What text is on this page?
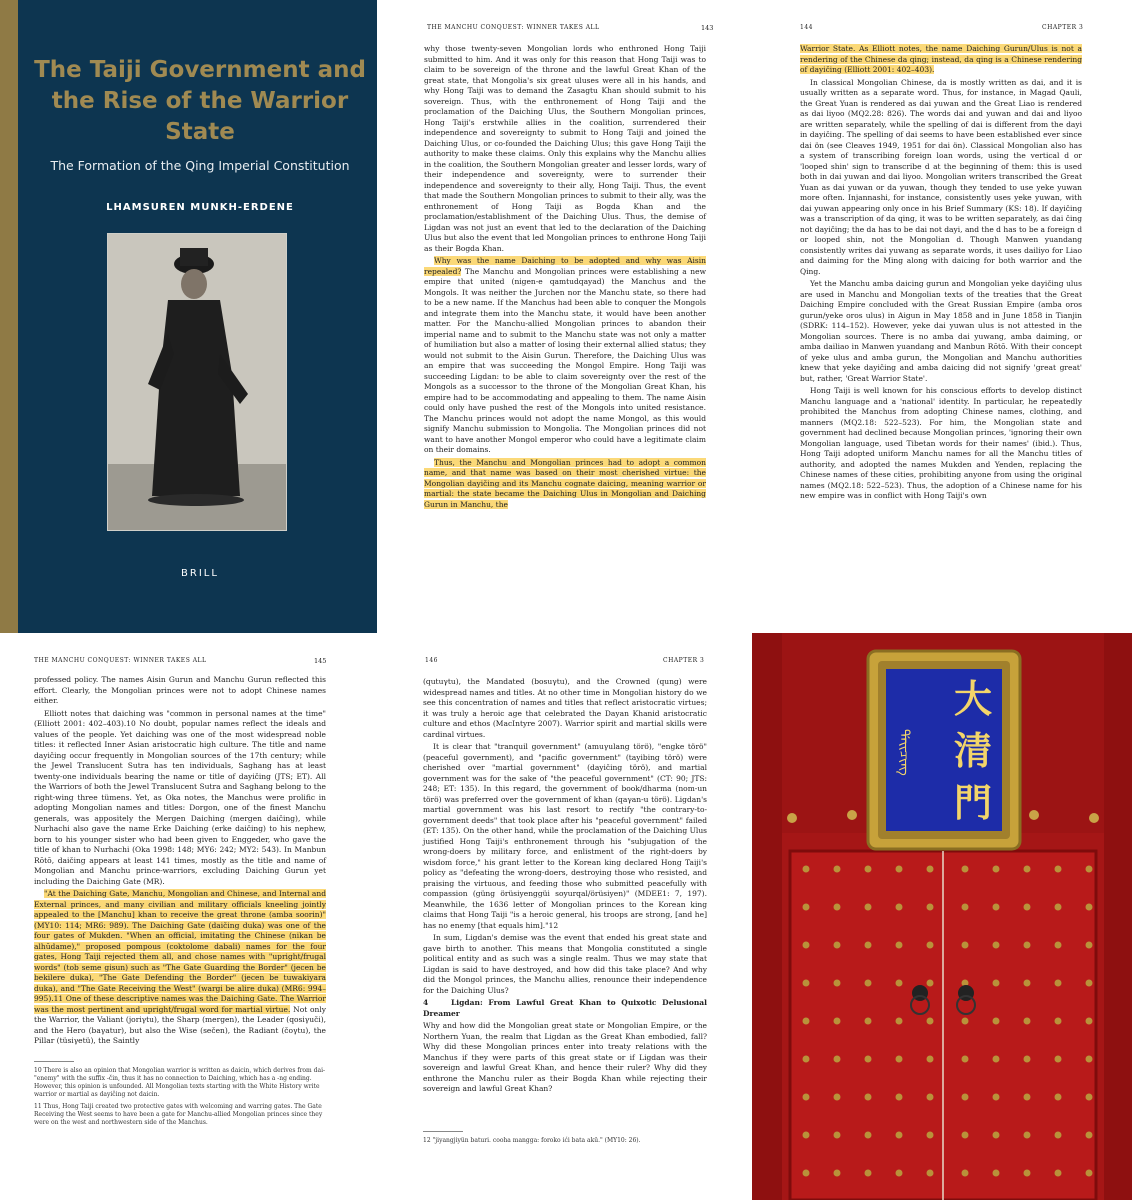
The Taiji Government and the Rise of the Warrior State
The Formation of the Qing Imperial Constitution
LHAMSUREN MUNKH-ERDENE
BRILL
THE MANCHU CONQUEST: WINNER TAKES ALL	143

why those twenty-seven Mongolian lords who enthroned Hong Taiji submitted to him. And it was only for this reason that Hong Taiji was to claim to be sovereign of the throne and the lawful Great Khan of the great state, that Mongolia's six great uluses were all in his hands, and why Hong Taiji was to demand the Zasagtu Khan should submit to his sovereign. Thus, with the enthronement of Hong Taiji and the proclamation of the Daiching Ulus, the Southern Mongolian princes, Hong Taiji's erstwhile allies in the coalition, surrendered their independence and sovereignty to submit to Hong Taiji and joined the Daiching Ulus, or co-founded the Daiching Ulus; this gave Hong Taiji the authority to make these claims. Only this explains why the Manchu allies in the coalition, the Southern Mongolian greater and lesser lords, wary of their independence and sovereignty, were to surrender their independence and sovereignty to their ally, Hong Taiji. Thus, the event that made the Southern Mongolian princes to submit to their ally, was the enthronement of Hong Taiji as Bogda Khan and the proclamation/establishment of the Daiching Ulus. Thus, the demise of Ligdan was not just an event that led to the declaration of the Daiching Ulus but also the event that led Mongolian princes to enthrone Hong Taiji as their Bogda Khan.

Why was the name Daiching to be adopted and why was Aisin repealed? The Manchu and Mongolian princes were establishing a new empire that united (nigen-e qamtudqayad) the Manchus and the Mongols. It was neither the Jurchen nor the Manchu state, so there had to be a new name. If the Manchus had been able to conquer the Mongols and integrate them into the Manchu state, it would have been another matter. For the Manchu-allied Mongolian princes to abandon their imperial name and to submit to the Manchu state was not only a matter of humiliation but also a matter of losing their external allied status; they would not submit to the Aisin Gurun. Therefore, the Daiching Ulus was an empire that was succeeding the Mongol Empire. Hong Taiji was succeeding Ligdan: to be able to claim sovereignty over the rest of the Mongols as a successor to the throne of the Mongolian Great Khan, his empire had to be accommodating and appealing to them. The name Aisin could only have pushed the rest of the Mongols into united resistance. The Manchu princes would not adopt the name Mongol, as this would signify Manchu submission to Mongolia. The Mongolian princes did not want to have another Mongol emperor who could have a legitimate claim on their domains.

Thus, the Manchu and Mongolian princes had to adopt a common name, and that name was based on their most cherished virtue: the Mongolian dayičing and its Manchu cognate daicing, meaning warrior or martial: the state became the Daiching Ulus in Mongolian and Daiching Gurun in Manchu, the

144	CHAPTER 3

Warrior State. As Elliott notes, the name Daiching Gurun/Ulus is not a rendering of the Chinese da qing; instead, da qing is a Chinese rendering of dayičing (Elliott 2001: 402–403).

In classical Mongolian Chinese, da is mostly written as dai, and it is usually written as a separate word. Thus, for instance, in Magad Qauli, the Great Yuan is rendered as dai yuwan and the Great Liao is rendered as dai liyoo (MQ2.28: 826). The words dai and yuwan and dai and liyoo are written separately, while the spelling of dai is different from the dayi in dayičing. The spelling of dai seems to have been established ever since dai ön (see Cleaves 1949, 1951 for dai ön). Classical Mongolian also has a system of transcribing foreign loan words, using the vertical d or 'looped shin' sign to transcribe d at the beginning of them: this is used both in dai yuwan and dai liyoo. Mongolian writers transcribed the Great Yuan as dai yuwan or da yuwan, though they tended to use yeke yuwan more often. Injannashi, for instance, consistently uses yeke yuwan, with dai yuwan appearing only once in his Brief Summary (KS: 18). If dayičing was a transcription of da qing, it was to be written separately, as dai čing not dayičing; the da has to be dai not dayi, and the d has to be a foreign d or looped shin, not the Mongolian d. Though Manwen yuandang consistently writes dai yuwang as separate words, it uses dailiyo for Liao and daiming for the Ming along with daicing for both warrior and the Qing.

Yet the Manchu amba daicing gurun and Mongolian yeke dayičing ulus are used in Manchu and Mongolian texts of the treaties that the Great Daiching Empire concluded with the Great Russian Empire (amba oros gurun/yeke oros ulus) in Aigun in May 1858 and in June 1858 in Tianjin (SDRK: 114–152). However, yeke dai yuwan ulus is not attested in the Mongolian sources. There is no amba dai yuwang, amba daiming, or amba dailiao in Manwen yuandang and Manbun Rōtō. With their concept of yeke ulus and amba gurun, the Mongolian and Manchu authorities knew that yeke dayičing and amba daicing did not signify 'great great' but, rather, 'Great Warrior State'.

Hong Taiji is well known for his conscious efforts to develop distinct Manchu language and a 'national' identity. In particular, he repeatedly prohibited the Manchus from adopting Chinese names, clothing, and manners (MQ2.18: 522–523). For him, the Mongolian state and government had declined because Mongolian princes, 'ignoring their own Mongolian language, used Tibetan words for their names' (ibid.). Thus, Hong Taiji adopted uniform Manchu names for all the Manchu titles of authority, and adopted the names Mukden and Yenden, replacing the Chinese names of these cities, prohibiting anyone from using the original names (MQ2.18: 522–523). Thus, the adoption of a Chinese name for his new empire was in conflict with Hong Taiji's own

THE MANCHU CONQUEST: WINNER TAKES ALL	145

professed policy. The names Aisin Gurun and Manchu Gurun reflected this effort. Clearly, the Mongolian princes were not to adopt Chinese names either.

Elliott notes that daiching was "common in personal names at the time" (Elliott 2001: 402–403).10 No doubt, popular names reflect the ideals and values of the people. Yet daiching was one of the most widespread noble titles: it reflected Inner Asian aristocratic high culture. The title and name dayičing occur frequently in Mongolian sources of the 17th century; while the Jewel Translucent Sutra has ten individuals, Saghang has at least twenty-one individuals bearing the name or title of dayičing (JTS; ET). All the Warriors of both the Jewel Translucent Sutra and Saghang belong to the right-wing three tümens. Yet, as Oka notes, the Manchus were prolific in adopting Mongolian names and titles: Dorgon, one of the finest Manchu generals, was appositely the Mergen Daiching (mergen daičing), while Nurhachi also gave the name Erke Daiching (erke daičing) to his nephew, born to his younger sister who had been given to Enggeder, who gave the title of khan to Nurhachi (Oka 1998: 148; MY6: 242; MY2: 543). In Manbun Rōtō, daičing appears at least 141 times, mostly as the title and name of Mongolian and Manchu prince-warriors, excluding Daiching Gurun yet including the Daiching Gate (MR).

"At the Daiching Gate, Manchu, Mongolian and Chinese, and Internal and External princes, and many civilian and military officials kneeling jointly appealed to the [Manchu] khan to receive the great throne (amba soorin)" (MY10: 114; MR6: 989). The Daiching Gate (daičing duka) was one of the four gates of Mukden. "When an official, imitating the Chinese (nikan be alhūdame)," proposed pompous (coktolome dabali) names for the four gates, Hong Taiji rejected them all, and chose names with "upright/frugal words" (tob seme gisun) such as "The Gate Guarding the Border" (jecen be bekilere duka), "The Gate Defending the Border" (jecen be tuwakiyara duka), and "The Gate Receiving the West" (wargi be alire duka) (MR6: 994–995).11 One of these descriptive names was the Daiching Gate. The Warrior was the most pertinent and upright/frugal word for martial virtue. Not only the Warrior, the Valiant (joriγtu), the Sharp (mergen), the Leader (qosiγuči), and the Hero (baγatur), but also the Wise (sečen), the Radiant (čoγtu), the Pillar (tüsiγetü), the Saintly

10 There is also an opinion that Mongolian warrior is written as daicin, which derives from dai- "enemy" with the suffix -čin, thus it has no connection to Daiching, which has a -ng ending. However, this opinion is unfounded. All Mongolian texts starting with the White History write warrior or martial as dayičing not daicin.
11 Thus, Hong Taiji created two protective gates with welcoming and warring gates. The Gate Receiving the West seems to have been a gate for Manchu-allied Mongolian princes since they were on the west and northwestern side of the Manchus.
146	CHAPTER 3

(qutuγtu), the Mandated (bosuγtu), and the Crowned (qung) were widespread names and titles. At no other time in Mongolian history do we see this concentration of names and titles that reflect aristocratic virtues; it was truly a heroic age that celebrated the Dayan Khanid aristocratic culture and ethos (MacIntyre 2007). Warrior spirit and martial skills were cardinal virtues.

It is clear that "tranquil government" (amuγulang törö), "engke törö" (peaceful government), and "pacific government" (tayibing törö) were cherished over "martial government" (dayičing törö), and martial government was for the sake of "the peaceful government" (CT: 90; JTS: 248; ET: 135). In this regard, the government of book/dharma (nom-un törö) was preferred over the government of khan (qaγan-u törö). Ligdan's martial government was his last resort to rectify "the contrary-to-government deeds" that took place after his "peaceful government" failed (ET: 135). On the other hand, while the proclamation of the Daiching Ulus justified Hong Taiji's enthronement through his "subjugation of the wrong-doers by military force, and enlistment of the right-doers by wisdom force," his grant letter to the Korean king declared Hong Taiji's policy as "defeating the wrong-doers, destroying those who resisted, and praising the virtuous, and feeding those who submitted peacefully with compassion (güng örüsiyenggüi soyurqal/örüsiyen)" (MDEE1: 7, 197). Meanwhile, the 1636 letter of Mongolian princes to the Korean king claims that Hong Taiji "is a heroic general, his troops are strong, [and he] has no enemy [that equals him]."12

In sum, Ligdan's demise was the event that ended his great state and gave birth to another. This means that Mongolia constituted a single political entity and as such was a single realm. Thus we may state that Ligdan is said to have destroyed, and how did this take place? And why did the Mongol princes, the Manchu allies, renounce their independence for the Daiching Ulus?

4	Ligdan: From Lawful Great Khan to Quixotic Delusional Dreamer

Why and how did the Mongolian great state or Mongolian Empire, or the Northern Yuan, the realm that Ligdan as the Great Khan embodied, fall? Why did these Mongolian princes enter into treaty relations with the Manchus if they were parts of this great state or if Ligdan was their sovereign and lawful Great Khan, and hence their ruler? Why did they enthrone the Manchu ruler as their Bogda Khan while rejecting their sovereign and lawful Great Khan?

12 "jiyangjiyün baturi. cooha mangga: foroko ići bata akū." (MY10: 26).
ᡩᠠᡳᠴᡳᠩ
大
清
門
